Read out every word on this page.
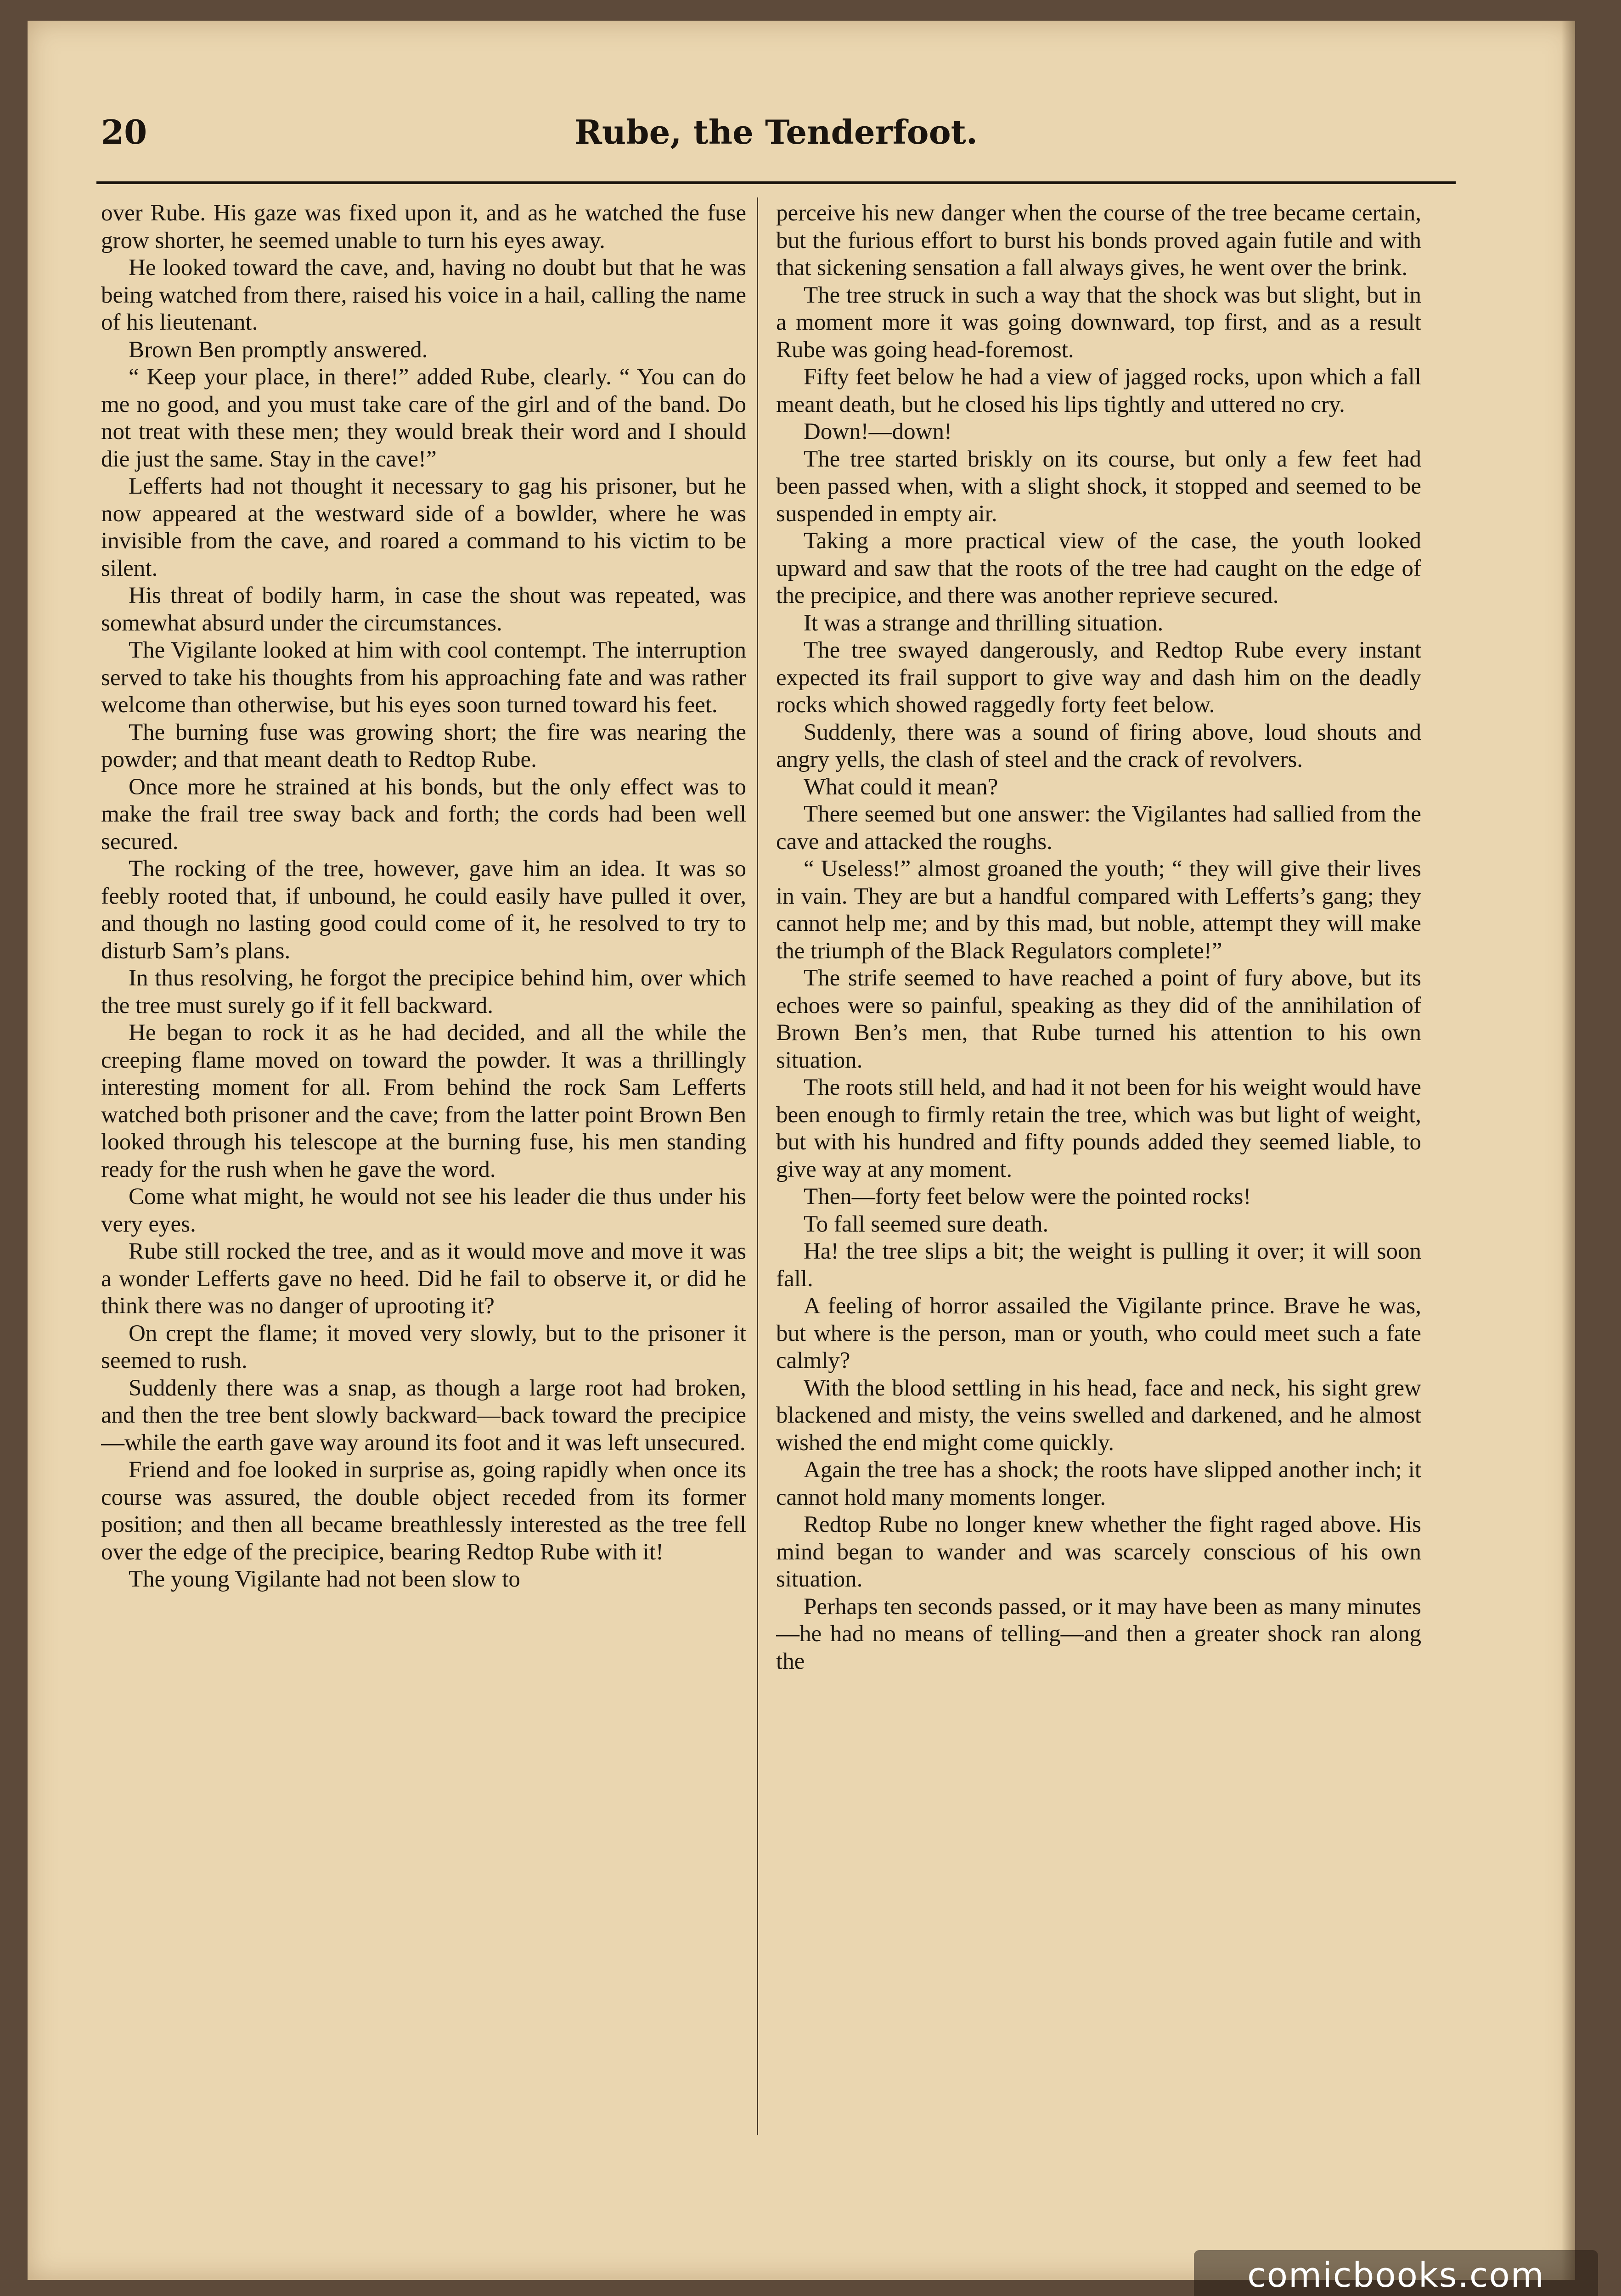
20	Rube, the Tenderfoot.

over Rube. His gaze was fixed upon it, and as he watched the fuse grow shorter, he seemed unable to turn his eyes away.

He looked toward the cave, and, having no doubt but that he was being watched from there, raised his voice in a hail, calling the name of his lieutenant.

Brown Ben promptly answered.

“ Keep your place, in there!” added Rube, clearly. “ You can do me no good, and you must take care of the girl and of the band. Do not treat with these men; they would break their word and I should die just the same. Stay in the cave!”

Lefferts had not thought it necessary to gag his prisoner, but he now appeared at the westward side of a bowlder, where he was invisible from the cave, and roared a command to his victim to be silent.

His threat of bodily harm, in case the shout was repeated, was somewhat absurd under the circumstances.

The Vigilante looked at him with cool contempt. The interruption served to take his thoughts from his approaching fate and was rather welcome than otherwise, but his eyes soon turned toward his feet.

The burning fuse was growing short; the fire was nearing the powder; and that meant death to Redtop Rube.

Once more he strained at his bonds, but the only effect was to make the frail tree sway back and forth; the cords had been well secured.

The rocking of the tree, however, gave him an idea. It was so feebly rooted that, if unbound, he could easily have pulled it over, and though no lasting good could come of it, he resolved to try to disturb Sam’s plans.

In thus resolving, he forgot the precipice behind him, over which the tree must surely go if it fell backward.

He began to rock it as he had decided, and all the while the creeping flame moved on toward the powder. It was a thrillingly interesting moment for all. From behind the rock Sam Lefferts watched both prisoner and the cave; from the latter point Brown Ben looked through his telescope at the burning fuse, his men standing ready for the rush when he gave the word.

Come what might, he would not see his leader die thus under his very eyes.

Rube still rocked the tree, and as it would move and move it was a wonder Lefferts gave no heed. Did he fail to observe it, or did he think there was no danger of uprooting it?

On crept the flame; it moved very slowly, but to the prisoner it seemed to rush.

Suddenly there was a snap, as though a large root had broken, and then the tree bent slowly backward—back toward the precipice—while the earth gave way around its foot and it was left unsecured.

Friend and foe looked in surprise as, going rapidly when once its course was assured, the double object receded from its former position; and then all became breathlessly interested as the tree fell over the edge of the precipice, bearing Redtop Rube with it!

The young Vigilante had not been slow to

perceive his new danger when the course of the tree became certain, but the furious effort to burst his bonds proved again futile and with that sickening sensation a fall always gives, he went over the brink.

The tree struck in such a way that the shock was but slight, but in a moment more it was going downward, top first, and as a result Rube was going head-foremost.

Fifty feet below he had a view of jagged rocks, upon which a fall meant death, but he closed his lips tightly and uttered no cry.

Down!—down!

The tree started briskly on its course, but only a few feet had been passed when, with a slight shock, it stopped and seemed to be suspended in empty air.

Taking a more practical view of the case, the youth looked upward and saw that the roots of the tree had caught on the edge of the precipice, and there was another reprieve secured.

It was a strange and thrilling situation.

The tree swayed dangerously, and Redtop Rube every instant expected its frail support to give way and dash him on the deadly rocks which showed raggedly forty feet below.

Suddenly, there was a sound of firing above, loud shouts and angry yells, the clash of steel and the crack of revolvers.

What could it mean?

There seemed but one answer: the Vigilantes had sallied from the cave and attacked the roughs.

“ Useless!” almost groaned the youth; “ they will give their lives in vain. They are but a handful compared with Lefferts’s gang; they cannot help me; and by this mad, but noble, attempt they will make the triumph of the Black Regulators complete!”

The strife seemed to have reached a point of fury above, but its echoes were so painful, speaking as they did of the annihilation of Brown Ben’s men, that Rube turned his attention to his own situation.

The roots still held, and had it not been for his weight would have been enough to firmly retain the tree, which was but light of weight, but with his hundred and fifty pounds added they seemed liable, to give way at any moment.

Then—forty feet below were the pointed rocks!

To fall seemed sure death.

Ha! the tree slips a bit; the weight is pulling it over; it will soon fall.

A feeling of horror assailed the Vigilante prince. Brave he was, but where is the person, man or youth, who could meet such a fate calmly?

With the blood settling in his head, face and neck, his sight grew blackened and misty, the veins swelled and darkened, and he almost wished the end might come quickly.

Again the tree has a shock; the roots have slipped another inch; it cannot hold many moments longer.

Redtop Rube no longer knew whether the fight raged above. His mind began to wander and was scarcely conscious of his own situation.

Perhaps ten seconds passed, or it may have been as many minutes—he had no means of telling—and then a greater shock ran along the

comicbooks.com
